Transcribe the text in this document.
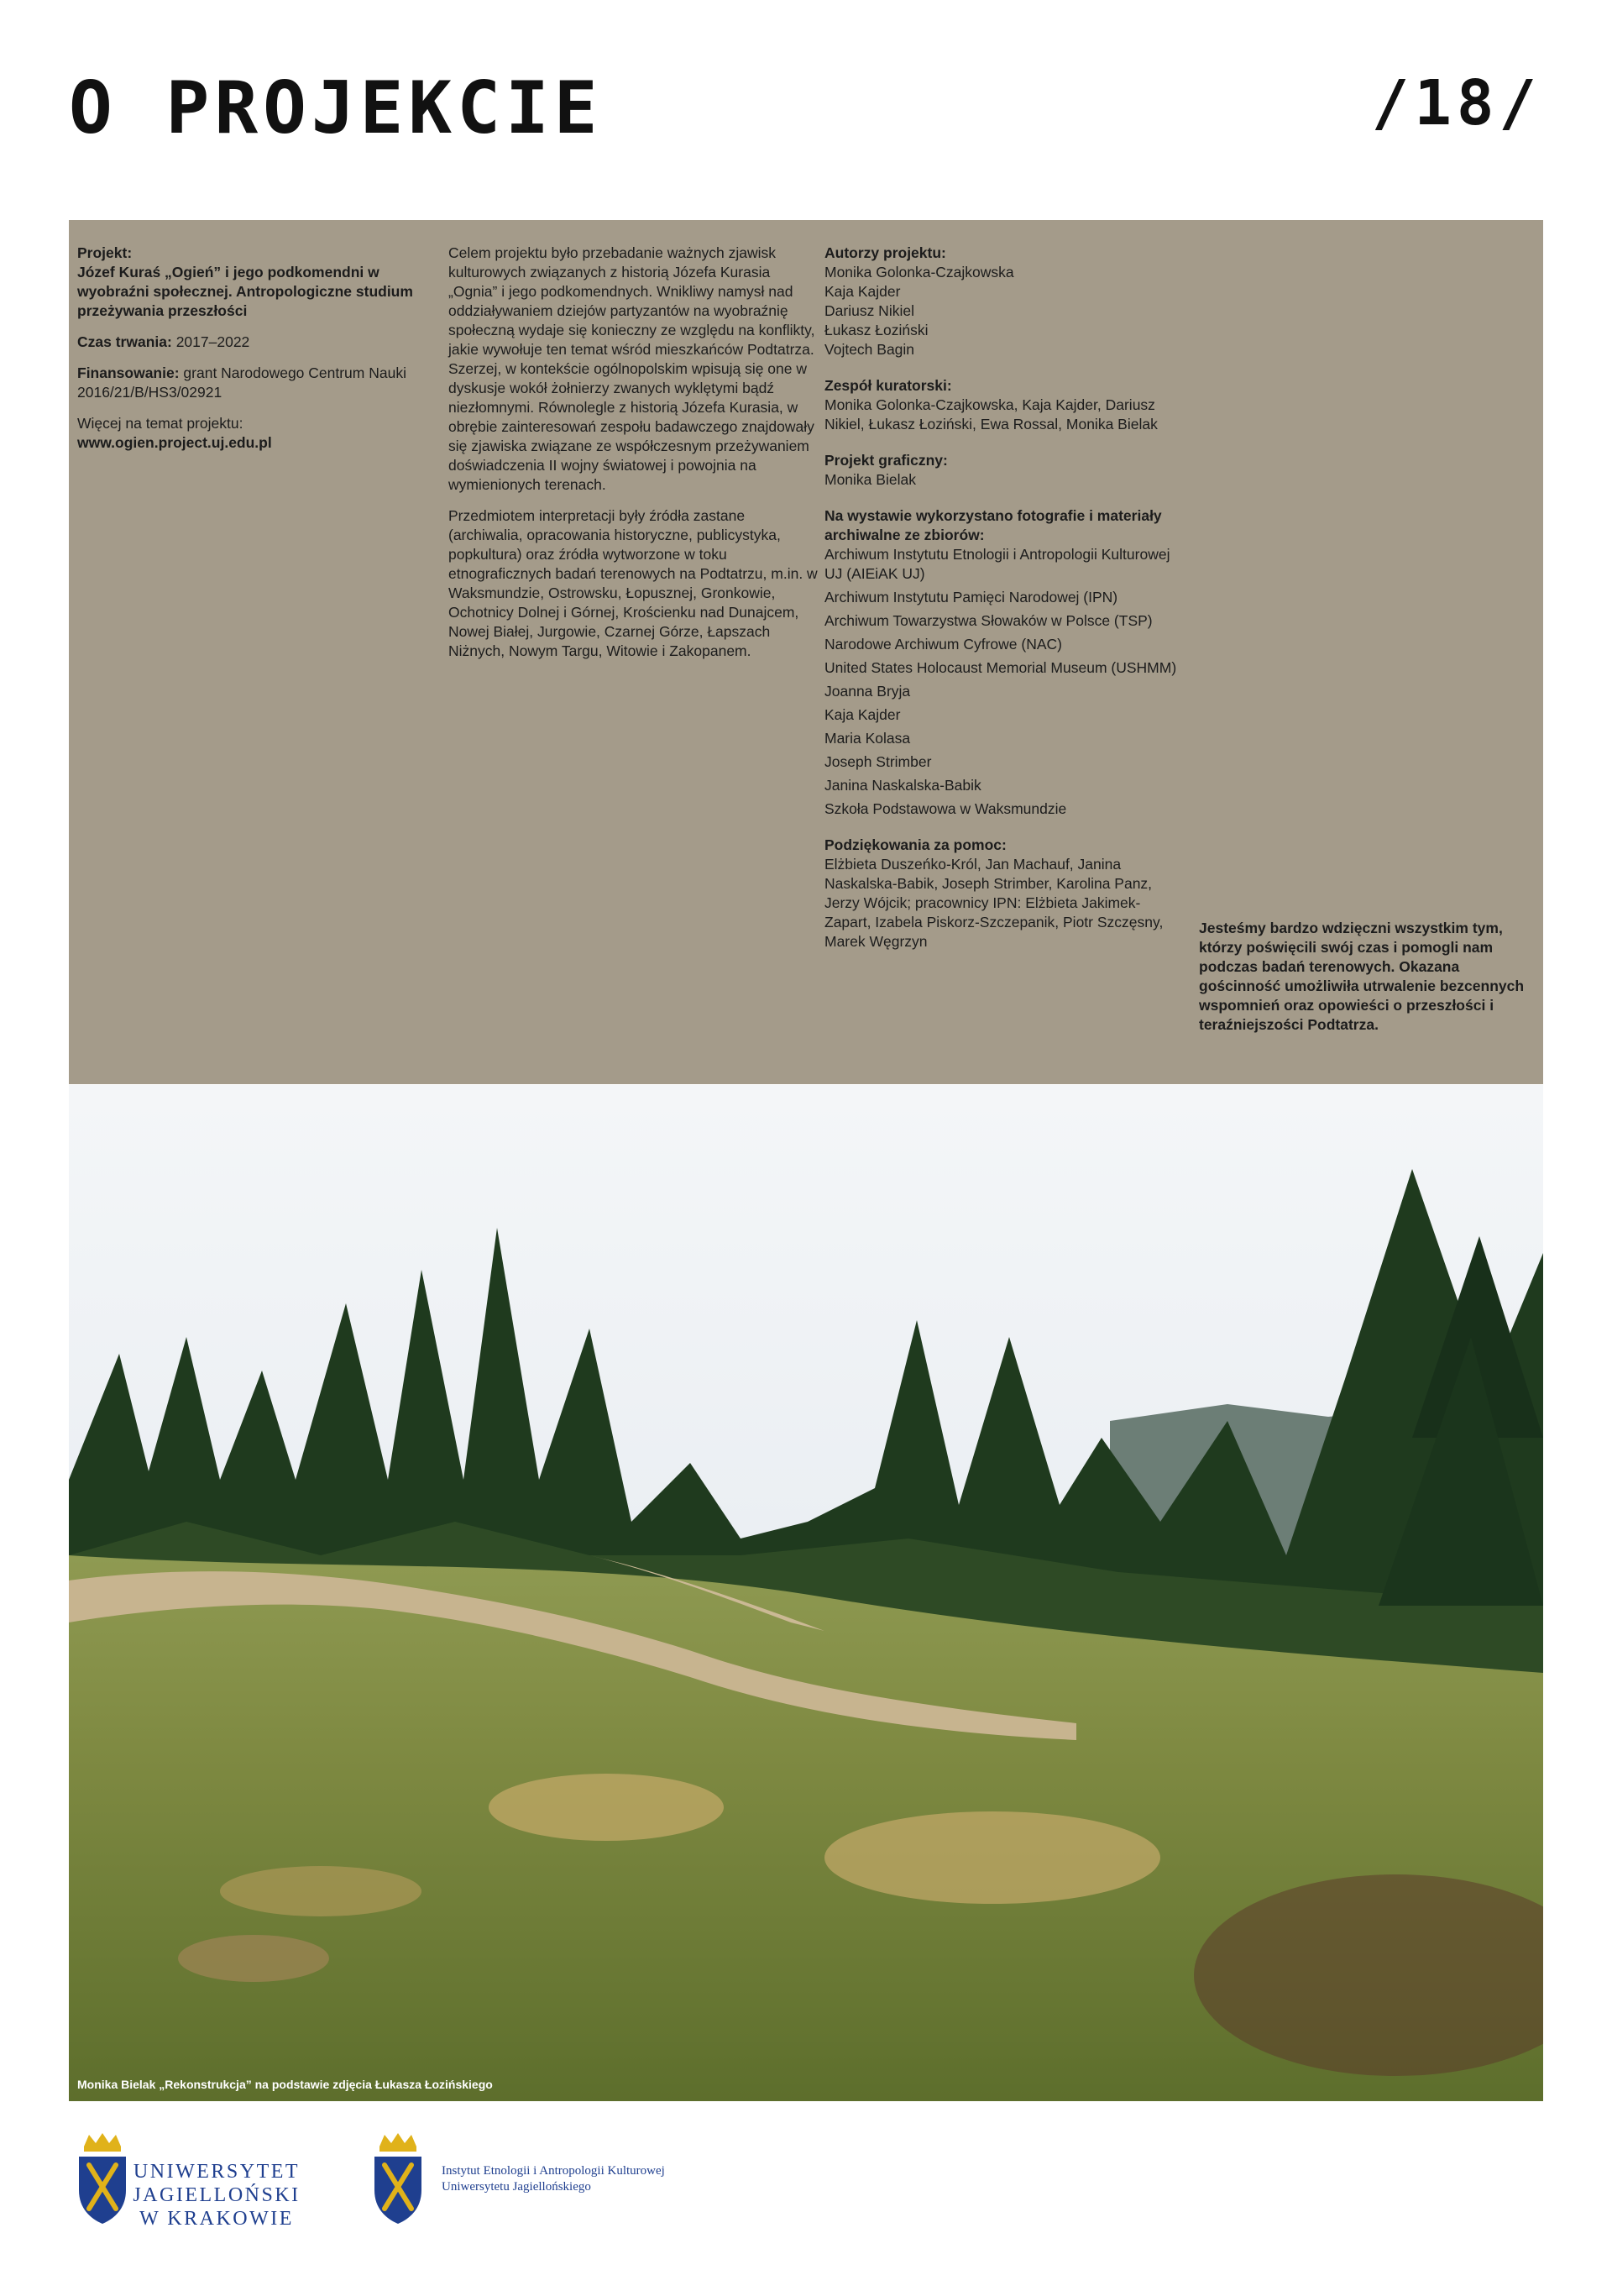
O PROJEKCIE	/18/

Projekt:
Józef Kuraś „Ogień” i jego podkomendni w wyobraźni społecznej. Antropologiczne studium przeżywania przeszłości

Czas trwania: 2017–2022

Finansowanie: grant Narodowego Centrum Nauki 2016/21/B/HS3/02921

Więcej na temat projektu:
www.ogien.project.uj.edu.pl

Celem projektu było przebadanie ważnych zjawisk kulturowych związanych z historią Józefa Kurasia „Ognia” i jego podkomendnych. Wnikliwy namysł nad oddziaływaniem dziejów partyzantów na wyobraźnię społeczną wydaje się konieczny ze względu na konflikty, jakie wywołuje ten temat wśród mieszkańców Podtatrza. Szerzej, w kontekście ogólnopolskim wpisują się one w dyskusje wokół żołnierzy zwanych wyklętymi bądź niezłomnymi. Równolegle z historią Józefa Kurasia, w obrębie zainteresowań zespołu badawczego znajdowały się zjawiska związane ze współczesnym przeżywaniem doświadczenia II wojny światowej i powojnia na wymienionych terenach.

Przedmiotem interpretacji były źródła zastane (archiwalia, opracowania historyczne, publicystyka, popkultura) oraz źródła wytworzone w toku etnograficznych badań terenowych na Podtatrzu, m.in. w Waksmundzie, Ostrowsku, Łopusznej, Gronkowie, Ochotnicy Dolnej i Górnej, Krościenku nad Dunajcem, Nowej Białej, Jurgowie, Czarnej Górze, Łapszach Niżnych, Nowym Targu, Witowie i Zakopanem.

Autorzy projektu:
Monika Golonka-Czajkowska
Kaja Kajder
Dariusz Nikiel
Łukasz Łoziński
Vojtech Bagin
Zespół kuratorski:
Monika Golonka-Czajkowska, Kaja Kajder, Dariusz Nikiel, Łukasz Łoziński, Ewa Rossal, Monika Bielak
Projekt graficzny:
Monika Bielak
Na wystawie wykorzystano fotografie i materiały archiwalne ze zbiorów:
Archiwum Instytutu Etnologii i Antropologii Kulturowej UJ (AIEiAK UJ)
Archiwum Instytutu Pamięci Narodowej (IPN)
Archiwum Towarzystwa Słowaków w Polsce (TSP)
Narodowe Archiwum Cyfrowe (NAC)
United States Holocaust Memorial Museum (USHMM)
Joanna Bryja
Kaja Kajder
Maria Kolasa
Joseph Strimber
Janina Naskalska-Babik
Szkoła Podstawowa w Waksmundzie
Podziękowania za pomoc:
Elżbieta Duszeńko-Król, Jan Machauf, Janina Naskalska-Babik, Joseph Strimber, Karolina Panz, Jerzy Wójcik; pracownicy IPN: Elżbieta Jakimek-Zapart, Izabela Piskorz-Szczepanik, Piotr Szczęsny, Marek Węgrzyn
Jesteśmy bardzo wdzięczni wszystkim tym, którzy poświęcili swój czas i pomogli nam podczas badań terenowych. Okazana gościnność umożliwiła utrwalenie bezcennych wspomnień oraz opowieści o przeszłości i teraźniejszości Podtatrza.
Monika Bielak „Rekonstrukcja” na podstawie zdjęcia Łukasza Łozińskiego
UNIWERSYTET
JAGIELLOŃSKI
W KRAKOWIE
Instytut Etnologii i Antropologii Kulturowej
Uniwersytetu Jagiellońskiego
